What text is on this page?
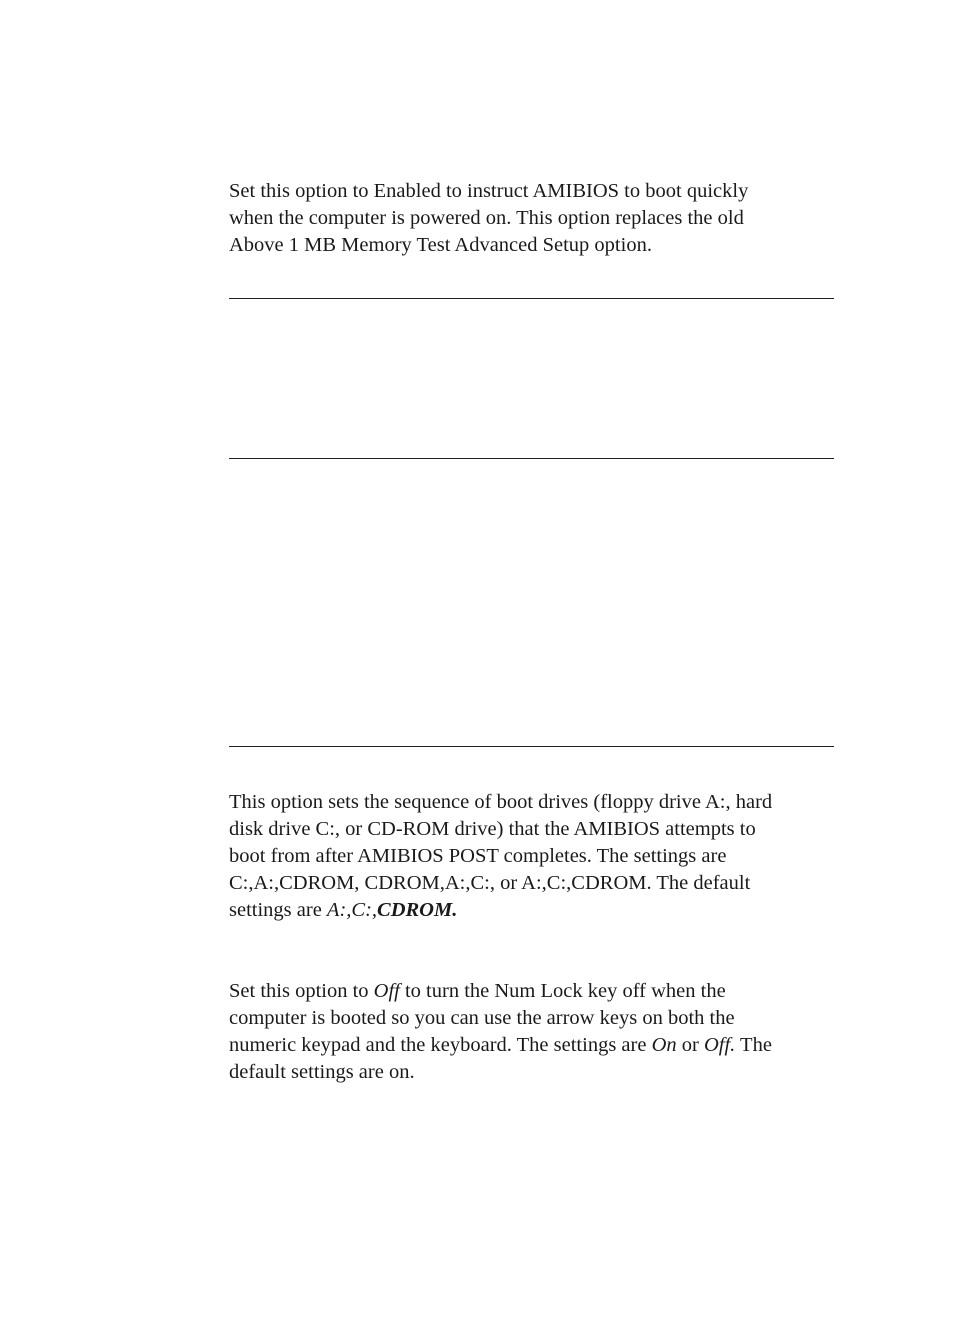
Set this option to Enabled to instruct AMIBIOS to boot quickly
when the computer is powered on. This option replaces the old
Above 1 MB Memory Test Advanced Setup option.
This option sets the sequence of boot drives (floppy drive A:, hard
disk drive C:, or CD-ROM drive) that the AMIBIOS attempts to
boot from after AMIBIOS POST completes. The settings are
C:,A:,CDROM, CDROM,A:,C:, or A:,C:,CDROM. The default
settings are A:,C:,CDROM.
Set this option to Off to turn the Num Lock key off when the
computer is booted so you can use the arrow keys on both the
numeric keypad and the keyboard. The settings are On or Off. The
default settings are on.
